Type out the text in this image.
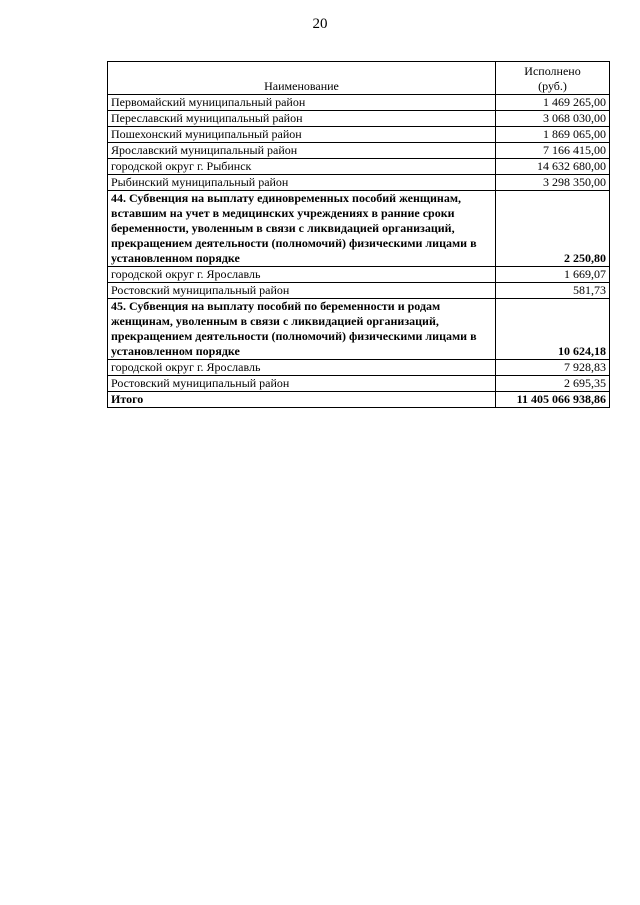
20
Наименование	Исполнено
(руб.)
Первомайский муниципальный район	1 469 265,00
Переславский муниципальный район	3 068 030,00
Пошехонский муниципальный район	1 869 065,00
Ярославский муниципальный район	7 166 415,00
городской округ г. Рыбинск	14 632 680,00
Рыбинский муниципальный район	3 298 350,00
44. Субвенция на выплату единовременных пособий женщинам, вставшим на учет в медицинских учреждениях в ранние сроки беременности, уволенным в связи с ликвидацией организаций, прекращением деятельности (полномочий) физическими лицами в установленном порядке	2 250,80
городской округ г. Ярославль	1 669,07
Ростовский муниципальный район	581,73
45. Субвенция на выплату пособий по беременности и родам женщинам, уволенным в связи с ликвидацией организаций, прекращением деятельности (полномочий) физическими лицами в установленном порядке	10 624,18
городской округ г. Ярославль	7 928,83
Ростовский муниципальный район	2 695,35
Итого	11 405 066 938,86
